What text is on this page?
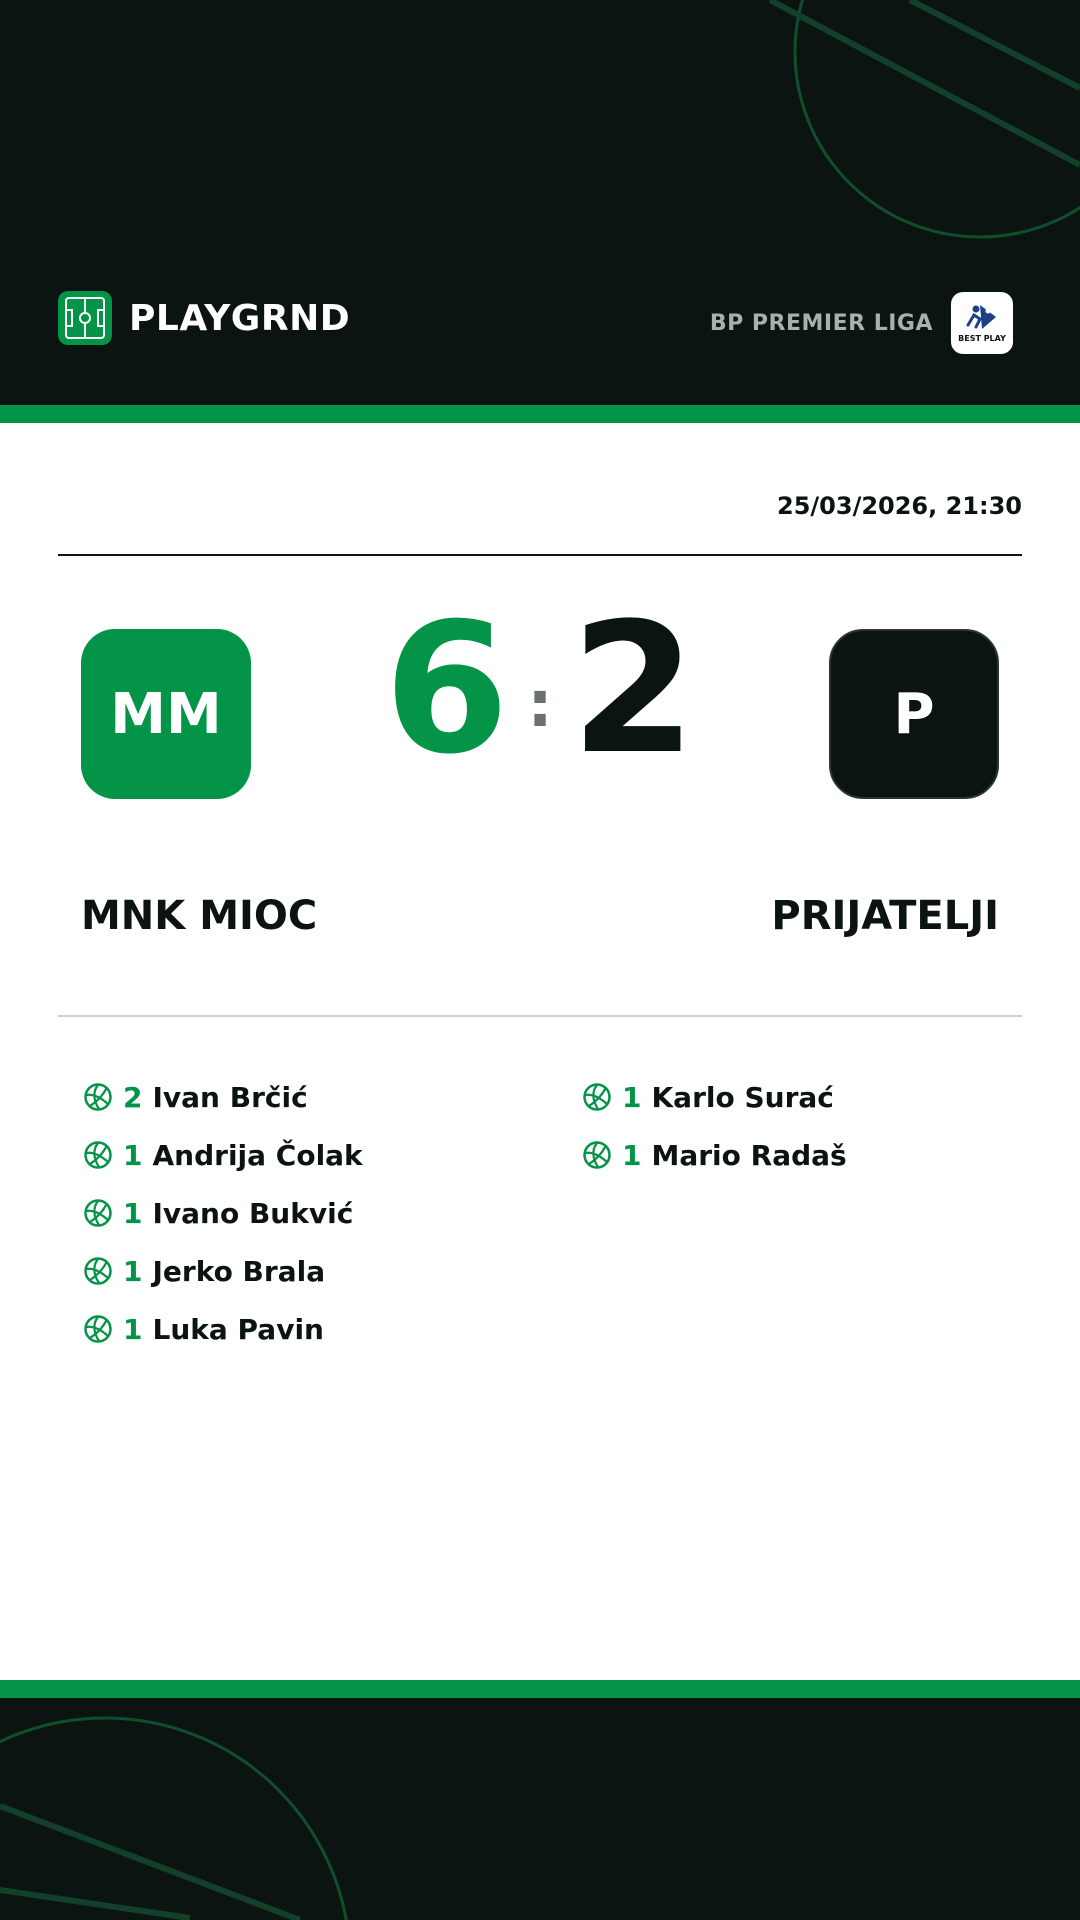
PLAYGRND	BP PREMIER LIGA
BEST PLAY
25/03/2026, 21:30
MM 6 : 2	P
MNK MIOC	PRIJATELJI
2 Ivan Brčić
1 Andrija Čolak
1 Ivano Bukvić
1 Jerko Brala
1 Luka Pavin
1 Karlo Surać
1 Mario Radaš
